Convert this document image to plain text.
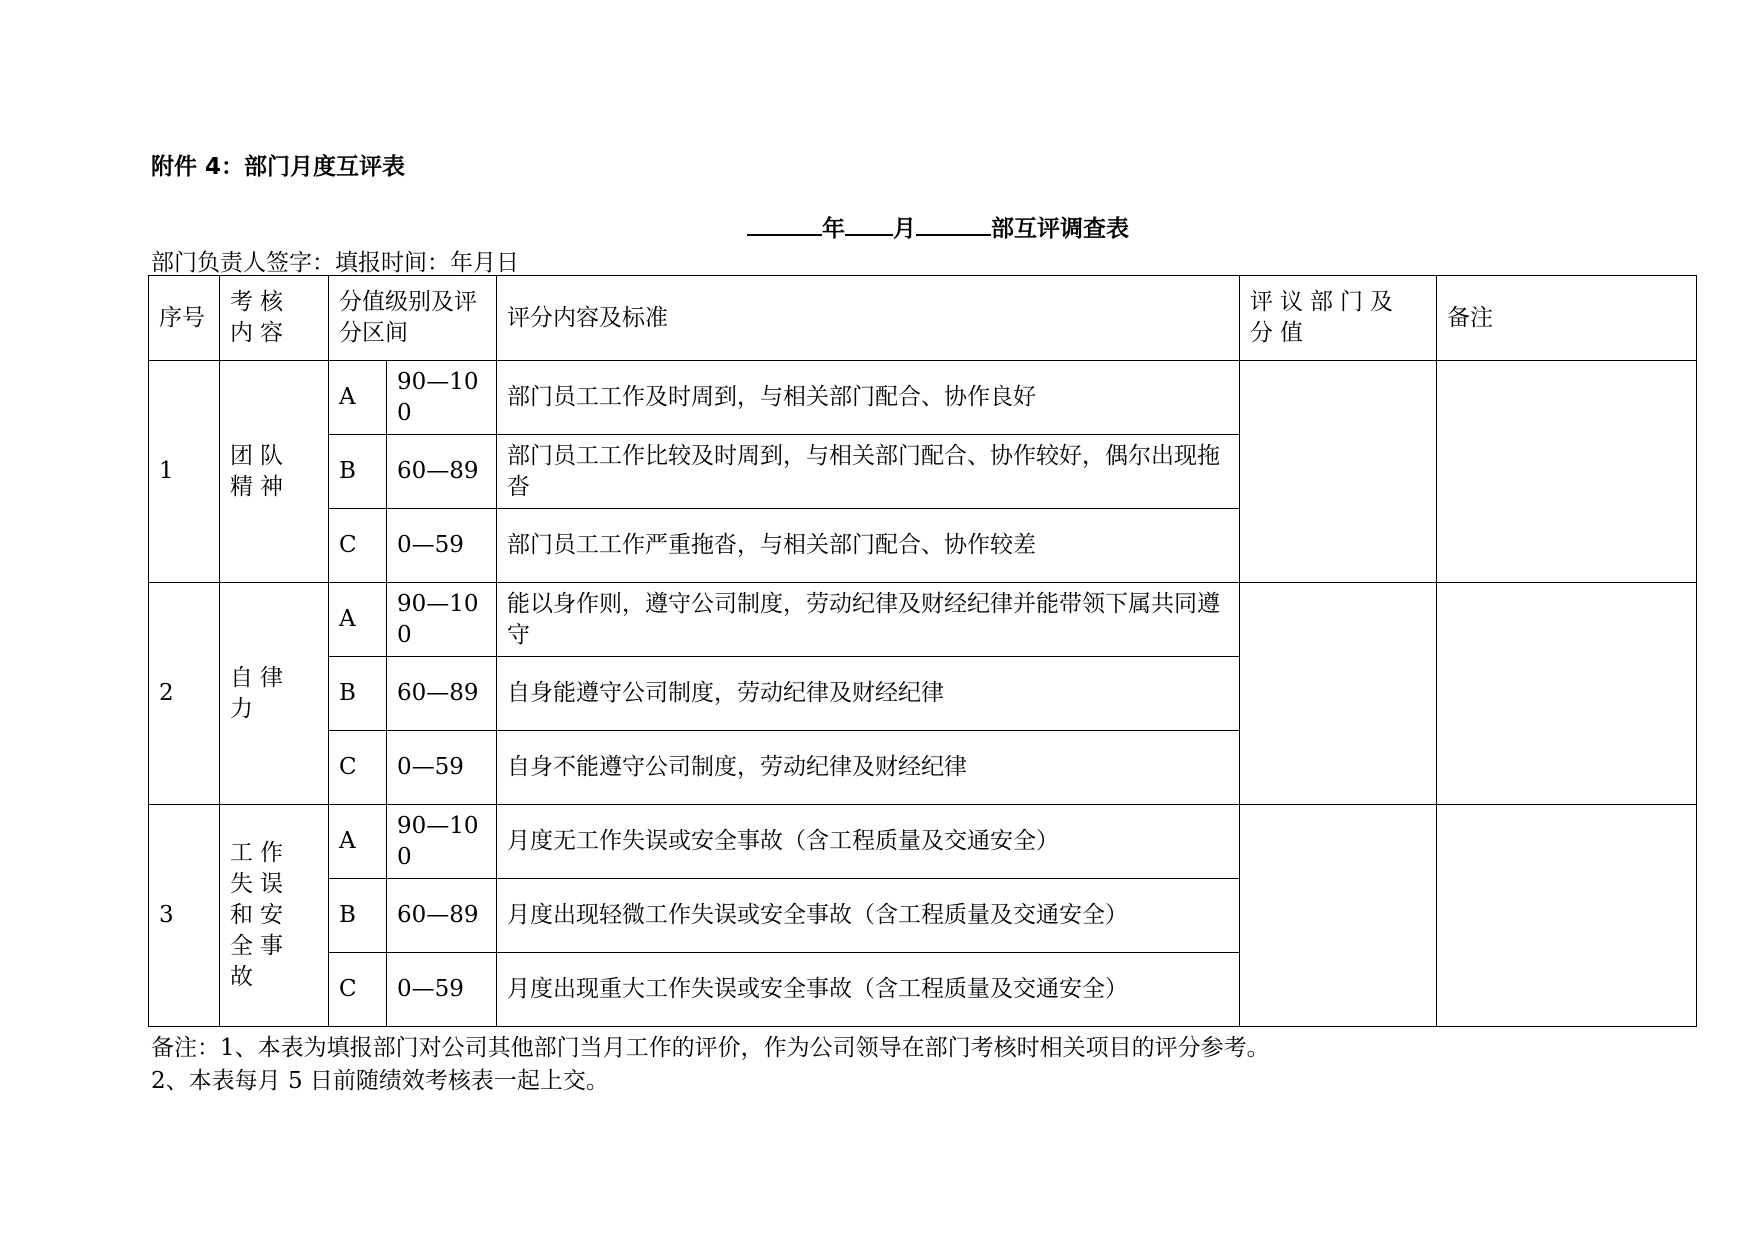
附件 4：部门月度互评表
年 月	部互评调查表
部门负责人签字：填报时间：年月日
序号	考核内容	分值级别及评分区间		评分内容及标准	评议部门及分值	备注
1	团队精神	A	90—100	部门员工工作及时周到，与相关部门配合、协作良好		
		B	60—89	部门员工工作比较及时周到，与相关部门配合、协作较好，偶尔出现拖沓		
		C	0—59	部门员工工作严重拖沓，与相关部门配合、协作较差		
2	自律力	A	90—100	能以身作则，遵守公司制度，劳动纪律及财经纪律并能带领下属共同遵守		
		B	60—89	自身能遵守公司制度，劳动纪律及财经纪律		
		C	0—59	自身不能遵守公司制度，劳动纪律及财经纪律		
3	工作失误和安全事故	A	90—100	月度无工作失误或安全事故（含工程质量及交通安全）		
		B	60—89	月度出现轻微工作失误或安全事故（含工程质量及交通安全）		
		C	0—59	月度出现重大工作失误或安全事故（含工程质量及交通安全）		
备注：1、本表为填报部门对公司其他部门当月工作的评价，作为公司领导在部门考核时相关项目的评分参考。
2、本表每月 5 日前随绩效考核表一起上交。
